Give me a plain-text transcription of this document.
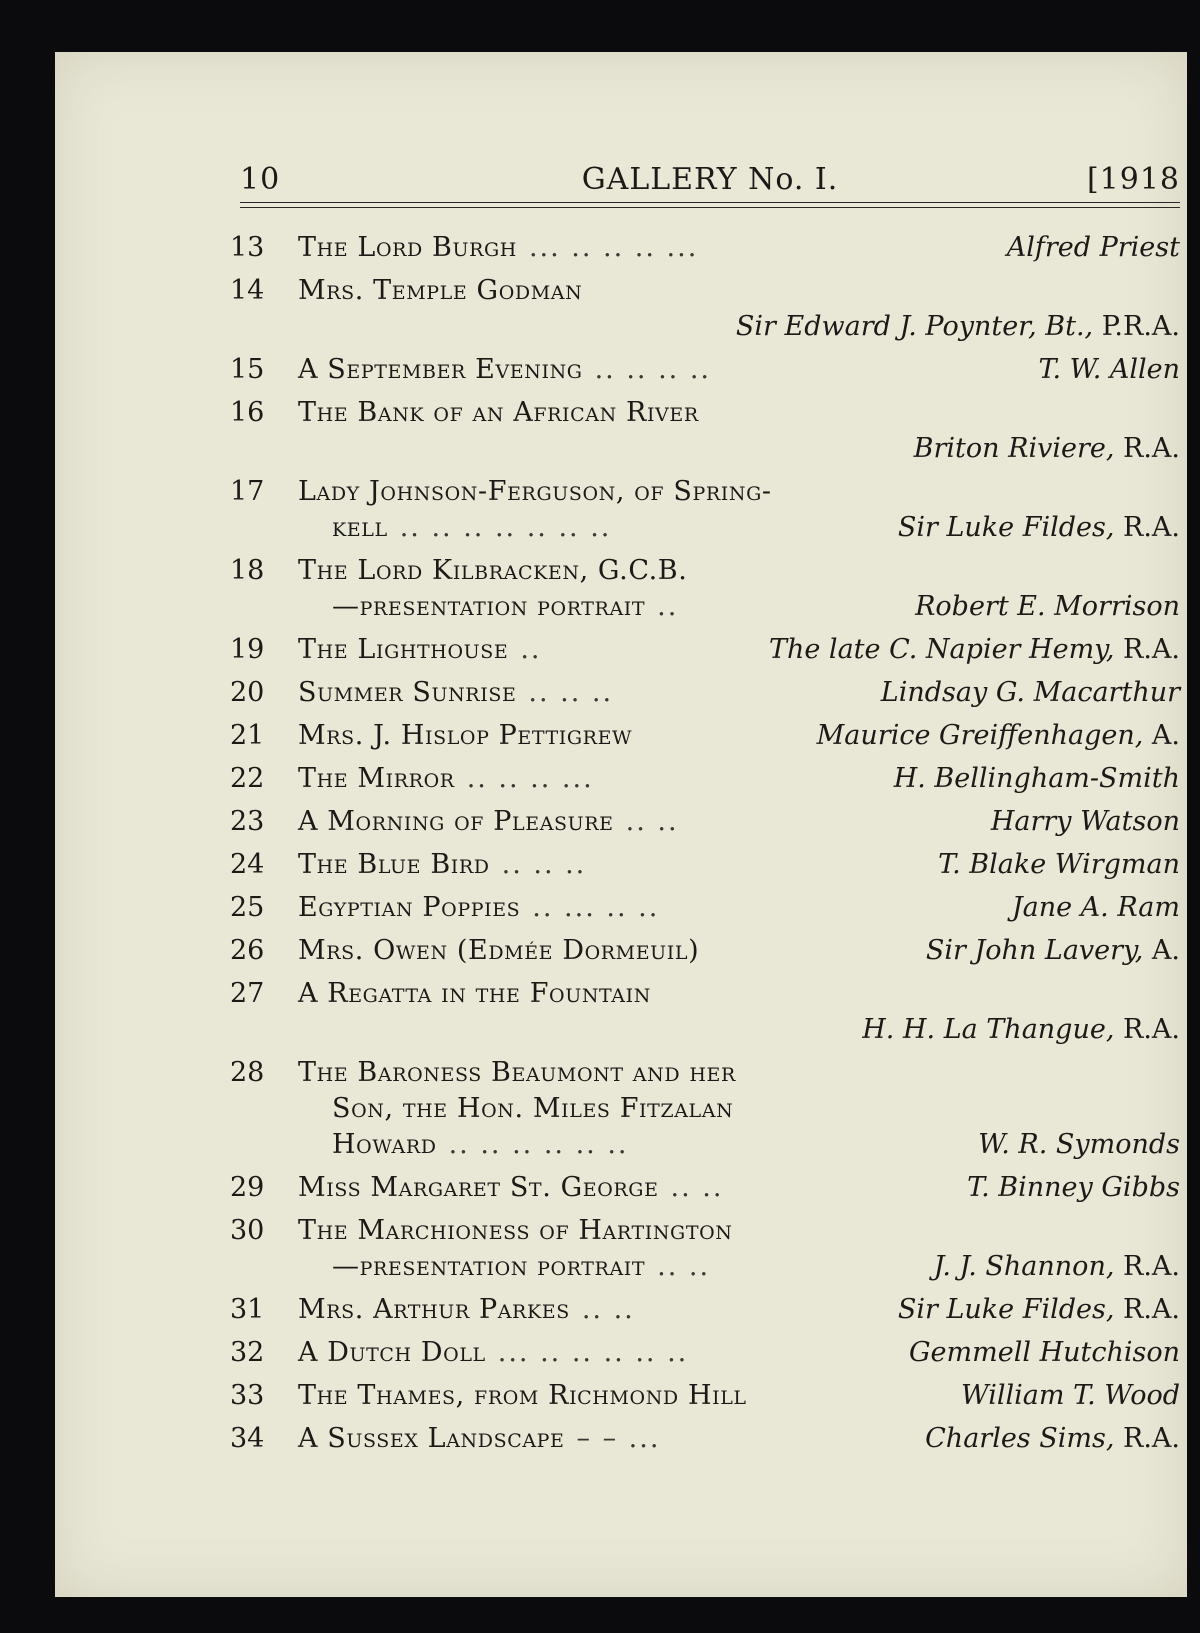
10	GALLERY No. I.	[1918
13	The Lord Burgh ... .. .. .. ...	Alfred Priest
14	Mrs. Temple Godman
Sir Edward J. Poynter, Bt., P.R.A.
15	A September Evening .. .. .. ..	T. W. Allen
16	The Bank of an African River
Briton Riviere, R.A.
17	Lady Johnson-Ferguson, of Spring-
kell .. .. .. .. .. .. ..	Sir Luke Fildes, R.A.
18	The Lord Kilbracken, G.C.B.
—presentation portrait ..	Robert E. Morrison
19	The Lighthouse ..	The late C. Napier Hemy, R.A.
20	Summer Sunrise .. .. ..	Lindsay G. Macarthur
21	Mrs. J. Hislop Pettigrew	Maurice Greiffenhagen, A.
22	The Mirror .. .. .. ...	H. Bellingham-Smith
23	A Morning of Pleasure .. ..	Harry Watson
24	The Blue Bird .. .. ..	T. Blake Wirgman
25	Egyptian Poppies .. ... .. ..	Jane A. Ram
26	Mrs. Owen (Edmée Dormeuil)	Sir John Lavery, A.
27	A Regatta in the Fountain
H. H. La Thangue, R.A.
28	The Baroness Beaumont and her
Son, the Hon. Miles Fitzalan
Howard .. .. .. .. .. ..	W. R. Symonds
29	Miss Margaret St. George .. ..	T. Binney Gibbs
30	The Marchioness of Hartington
—presentation portrait .. ..	J. J. Shannon, R.A.
31	Mrs. Arthur Parkes .. ..	Sir Luke Fildes, R.A.
32	A Dutch Doll ... .. .. .. .. ..	Gemmell Hutchison
33	The Thames, from Richmond Hill	William T. Wood
34	A Sussex Landscape – – ...	Charles Sims, R.A.
